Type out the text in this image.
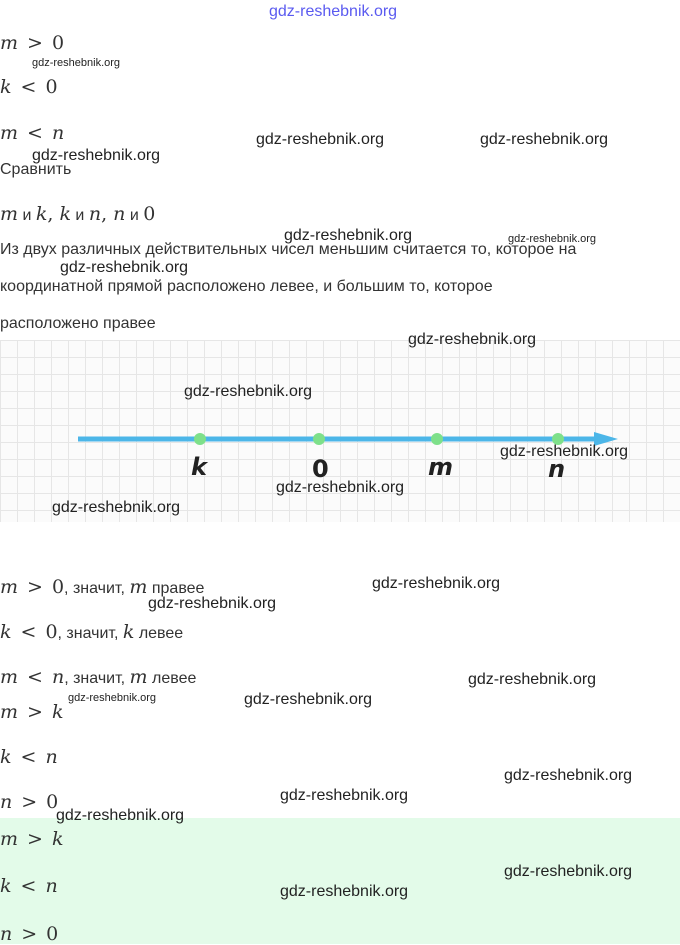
gdz-reshebnik.org
m > 0
k < 0
m < n
Сравнить
m и k, k и n, n и 0
Из двух различных действительных чисел меньшим считается то, которое на
координатной прямой расположено левее, и большим то, которое
расположено правее
k	0	m	n
m > 0, значит, m правее
k < 0, значит, k левее
m < n, значит, m левее
m > k
k < n
n > 0
m > k
k < n
n > 0
gdz-reshebnik.org
gdz-reshebnik.org	gdz-reshebnik.org
gdz-reshebnik.org
gdz-reshebnik.org	gdz-reshebnik.org
gdz-reshebnik.org
gdz-reshebnik.org
gdz-reshebnik.org
gdz-reshebnik.org
gdz-reshebnik.org
gdz-reshebnik.org
gdz-reshebnik.org
gdz-reshebnik.org
gdz-reshebnik.org
gdz-reshebnik.org	gdz-reshebnik.org
gdz-reshebnik.org
gdz-reshebnik.org
gdz-reshebnik.org
gdz-reshebnik.org
gdz-reshebnik.org
